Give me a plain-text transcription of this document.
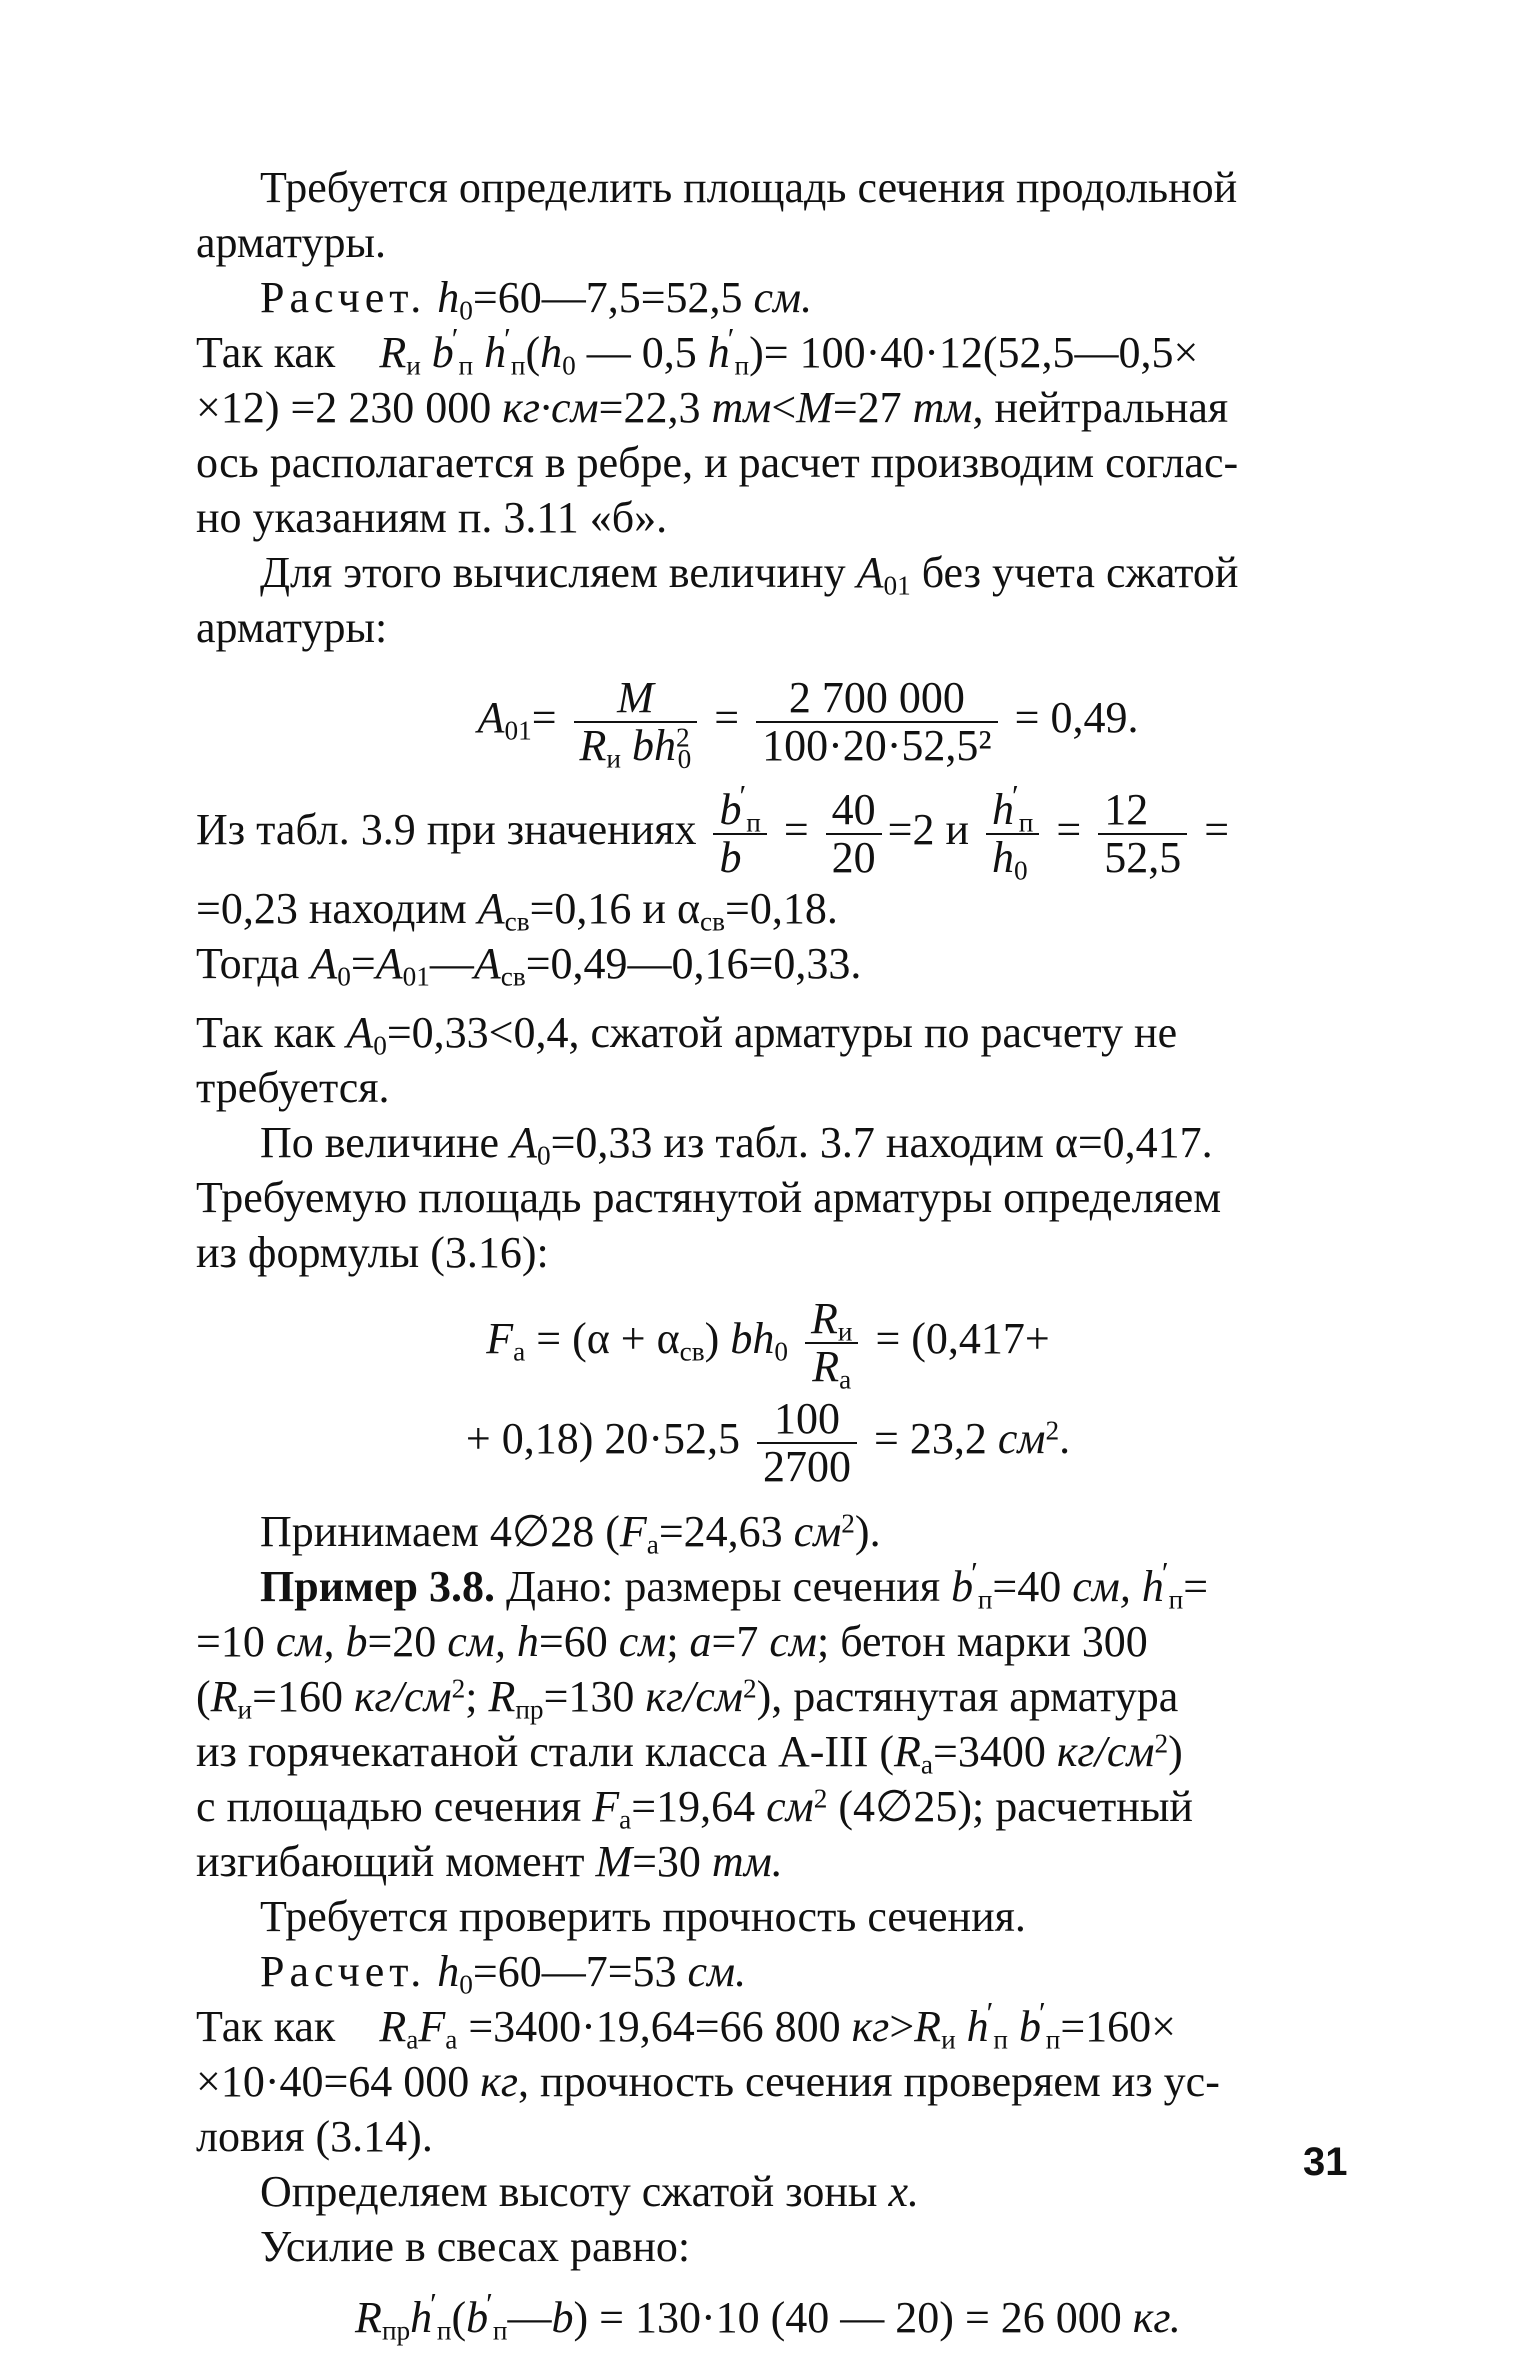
Требуется определить площадь сечения продольной
арматуры.

Расчет. $h_0=60—7,5=52,5$ см.

Так как $R_и$ $b'_п$ $h'_п(h_0$ — 0,5 $h'_п)=$ 100·40·12(52,5—0,5×
×12) =2 230 000 кг·см=22,3 тм<M=27 тм, нейтральная
ось располагается в ребре, и расчет производим соглас-
но указаниям п. 3.11 «б».

Для этого вычисляем величину $A_{01}$ без учета сжатой
арматуры:

$A_{01}= \frac{M}{R_и bh^2_0} = \frac{2 700 000}{\text{100·20·52,5²}} = 0,49$.

Из табл. 3.9 при значениях $\frac{b'_п}{b} = \frac{40}{20} =2$ и $\frac{h'_п}{h_0} = \frac{12}{52,5}$ =
=0,23 находим $A_{св}=0,16$ и $\alpha_{св}=0,18$.
Тогда $A_0=A_{01}—A_{св}=0,49—0,16=0,33$.

Так как $A_0=0,33<0,4$, сжатой арматуры по расчету не
требуется.

По величине $A_0=0,33$ из табл. 3.7 находим α=0,417.
Требуемую площадь растянутой арматуры определяем
из формулы (3.16):

$F_а = (\alpha + \alpha_{св})$ $bh_0 \frac{R_и}{R_а} = (0,417+$
+ 0,18) $20\cdot 52,5 \frac{100}{2700} = 23,2$ $см^2$.

Принимаем 4∅28 ($F_а=24,63$ $см^2$).

Пример 3.8. Дано: размеры сечения $b'_п=40$ см, $h'_п=$
=10 см, b=20 см, h=60 см; a=7 см; бетон марки 300
($R_и=160$ $кг/см^2$; $R_{пр}=130$ $кг/см^2$), растянутая арматура
из горячекатаной стали класса А-III ($R_а=3400$ $кг/см^2$)
с площадью сечения $F_а=19,64$ $см^2$ (4∅25); расчетный
изгибающий момент M=30 тм.

Требуется проверить прочность сечения.

Расчет. $h_0=60—7=53$ см.

Так как $R_аF_а =3400\cdot 19,64=66$ 800 $кг>R_и$ $h'_п$ $b'_п=160\times$
×10·40=64 000 кг, прочность сечения проверяем из ус-
ловия (3.14).

Определяем высоту сжатой зоны x.

Усилие в свесах равно:

$R_{пр}h'_п(b'_п—b) = 130\cdot 10$ (40 — 20) = 26 000 кг.
31
